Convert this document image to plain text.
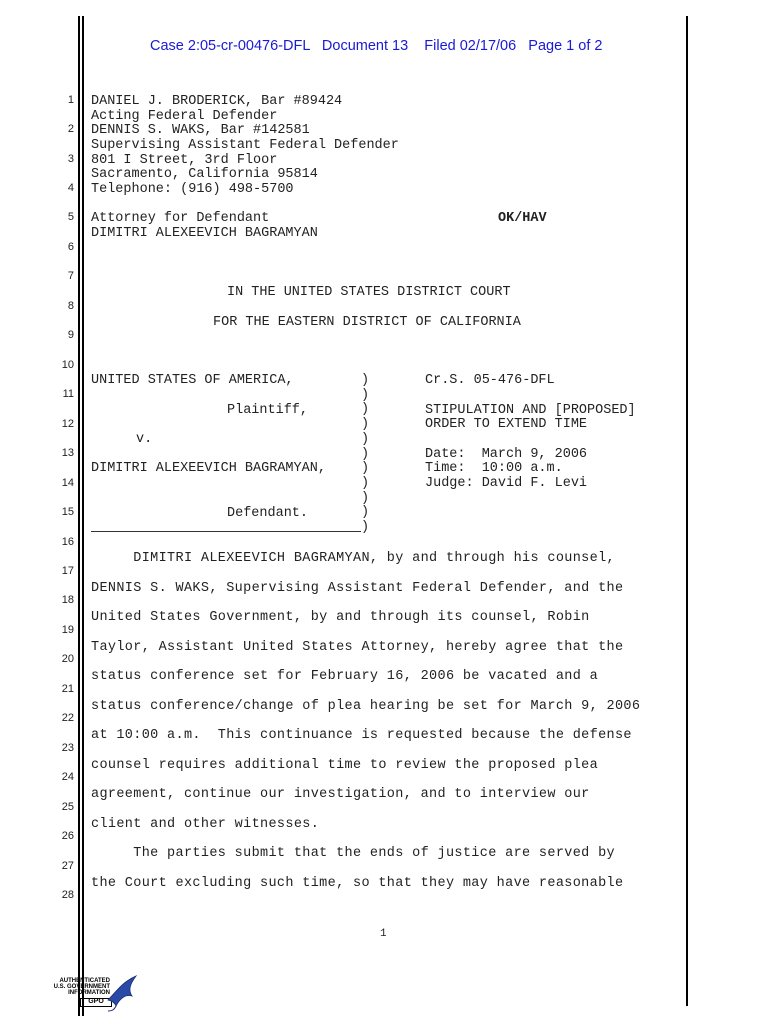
Case 2:05-cr-00476-DFL   Document 13    Filed 02/17/06   Page 1 of 2
1
2
3
4
5
6
7
8
9
10
11
12
13
14
15
16
17
18
19
20
21
22
23
24
25
26
27
28
DANIEL J. BRODERICK, Bar #89424
Acting Federal Defender
DENNIS S. WAKS, Bar #142581
Supervising Assistant Federal Defender
801 I Street, 3rd Floor
Sacramento, California 95814
Telephone: (916) 498-5700
Attorney for Defendant
DIMITRI ALEXEEVICH BAGRAMYAN
OK/HAV
IN THE UNITED STATES DISTRICT COURT
FOR THE EASTERN DISTRICT OF CALIFORNIA
UNITED STATES OF AMERICA,
Plaintiff,
v.
DIMITRI ALEXEEVICH BAGRAMYAN,
Defendant.
)
)
)
)
)
)
)
)
)
)
)
Cr.S. 05-476-DFL
STIPULATION AND [PROPOSED]
ORDER TO EXTEND TIME
Date:  March 9, 2006
Time:  10:00 a.m.
Judge: David F. Levi
DIMITRI ALEXEEVICH BAGRAMYAN, by and through his counsel,
DENNIS S. WAKS, Supervising Assistant Federal Defender, and the
United States Government, by and through its counsel, Robin
Taylor, Assistant United States Attorney, hereby agree that the
status conference set for February 16, 2006 be vacated and a
status conference/change of plea hearing be set for March 9, 2006
at 10:00 a.m.  This continuance is requested because the defense
counsel requires additional time to review the proposed plea
agreement, continue our investigation, and to interview our
client and other witnesses.
The parties submit that the ends of justice are served by
the Court excluding such time, so that they may have reasonable
1
AUTHENTICATED
U.S. GOVERNMENT
INFORMATION
GPO
